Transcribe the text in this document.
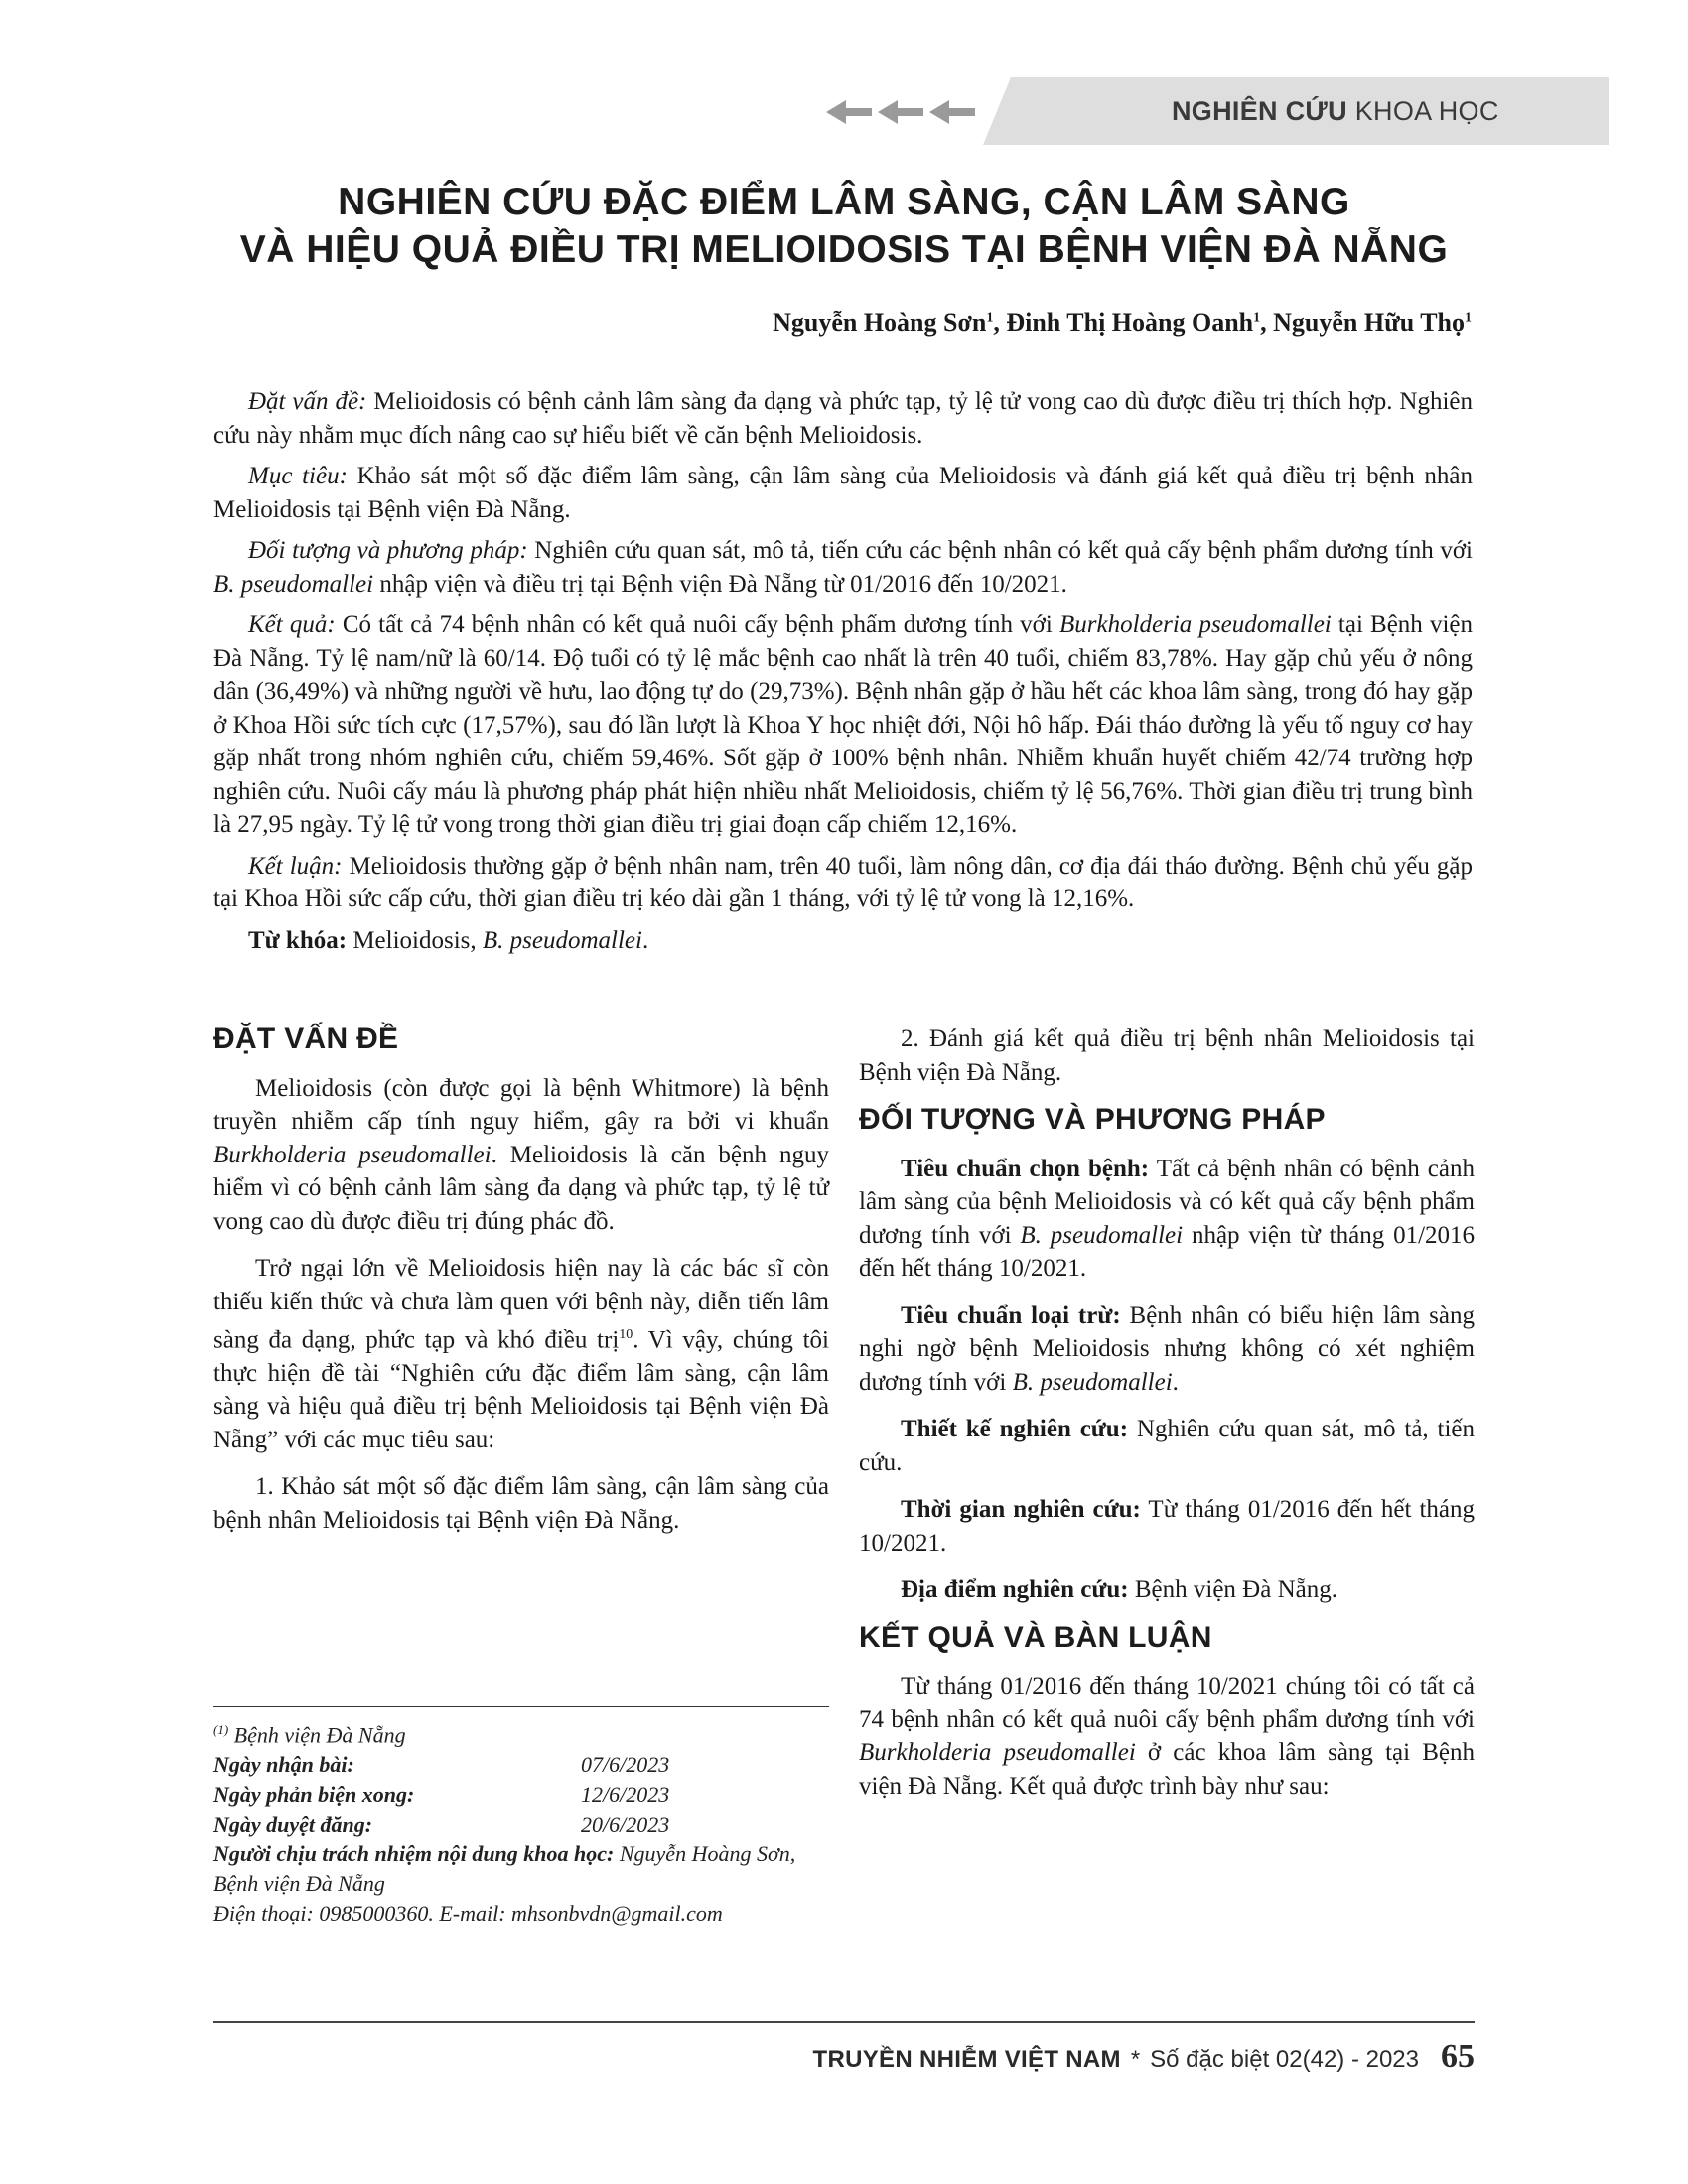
NGHIÊN CỨU KHOA HỌC
NGHIÊN CỨU ĐẶC ĐIỂM LÂM SÀNG, CẬN LÂM SÀNG
VÀ HIỆU QUẢ ĐIỀU TRỊ MELIOIDOSIS TẠI BỆNH VIỆN ĐÀ NẴNG
Nguyễn Hoàng Sơn$^1$, Đinh Thị Hoàng Oanh$^1$, Nguyễn Hữu Thọ$^1$

Đặt vấn đề: Melioidosis có bệnh cảnh lâm sàng đa dạng và phức tạp, tỷ lệ tử vong cao dù được điều trị thích hợp. Nghiên cứu này nhằm mục đích nâng cao sự hiểu biết về căn bệnh Melioidosis.

Mục tiêu: Khảo sát một số đặc điểm lâm sàng, cận lâm sàng của Melioidosis và đánh giá kết quả điều trị bệnh nhân Melioidosis tại Bệnh viện Đà Nẵng.

Đối tượng và phương pháp: Nghiên cứu quan sát, mô tả, tiến cứu các bệnh nhân có kết quả cấy bệnh phẩm dương tính với B. pseudomallei nhập viện và điều trị tại Bệnh viện Đà Nẵng từ 01/2016 đến 10/2021.

Kết quả: Có tất cả 74 bệnh nhân có kết quả nuôi cấy bệnh phẩm dương tính với Burkholderia pseudomallei tại Bệnh viện Đà Nẵng. Tỷ lệ nam/nữ là 60/14. Độ tuổi có tỷ lệ mắc bệnh cao nhất là trên 40 tuổi, chiếm 83,78%. Hay gặp chủ yếu ở nông dân (36,49%) và những người về hưu, lao động tự do (29,73%). Bệnh nhân gặp ở hầu hết các khoa lâm sàng, trong đó hay gặp ở Khoa Hồi sức tích cực (17,57%), sau đó lần lượt là Khoa Y học nhiệt đới, Nội hô hấp. Đái tháo đường là yếu tố nguy cơ hay gặp nhất trong nhóm nghiên cứu, chiếm 59,46%. Sốt gặp ở 100% bệnh nhân. Nhiễm khuẩn huyết chiếm 42/74 trường hợp nghiên cứu. Nuôi cấy máu là phương pháp phát hiện nhiều nhất Melioidosis, chiếm tỷ lệ 56,76%. Thời gian điều trị trung bình là 27,95 ngày. Tỷ lệ tử vong trong thời gian điều trị giai đoạn cấp chiếm 12,16%.

Kết luận: Melioidosis thường gặp ở bệnh nhân nam, trên 40 tuổi, làm nông dân, cơ địa đái tháo đường. Bệnh chủ yếu gặp tại Khoa Hồi sức cấp cứu, thời gian điều trị kéo dài gần 1 tháng, với tỷ lệ tử vong là 12,16%.

Từ khóa: Melioidosis, B. pseudomallei.

ĐẶT VẤN ĐỀ

Melioidosis (còn được gọi là bệnh Whitmore) là bệnh truyền nhiễm cấp tính nguy hiểm, gây ra bởi vi khuẩn Burkholderia pseudomallei. Melioidosis là căn bệnh nguy hiểm vì có bệnh cảnh lâm sàng đa dạng và phức tạp, tỷ lệ tử vong cao dù được điều trị đúng phác đồ.

Trở ngại lớn về Melioidosis hiện nay là các bác sĩ còn thiếu kiến thức và chưa làm quen với bệnh này, diễn tiến lâm sàng đa dạng, phức tạp và khó điều trị$^{10}$. Vì vậy, chúng tôi thực hiện đề tài “Nghiên cứu đặc điểm lâm sàng, cận lâm sàng và hiệu quả điều trị bệnh Melioidosis tại Bệnh viện Đà Nẵng” với các mục tiêu sau:

1. Khảo sát một số đặc điểm lâm sàng, cận lâm sàng của bệnh nhân Melioidosis tại Bệnh viện Đà Nẵng.

2. Đánh giá kết quả điều trị bệnh nhân Melioidosis tại Bệnh viện Đà Nẵng.

ĐỐI TƯỢNG VÀ PHƯƠNG PHÁP

Tiêu chuẩn chọn bệnh: Tất cả bệnh nhân có bệnh cảnh lâm sàng của bệnh Melioidosis và có kết quả cấy bệnh phẩm dương tính với B. pseudomallei nhập viện từ tháng 01/2016 đến hết tháng 10/2021.

Tiêu chuẩn loại trừ: Bệnh nhân có biểu hiện lâm sàng nghi ngờ bệnh Melioidosis nhưng không có xét nghiệm dương tính với B. pseudomallei.

Thiết kế nghiên cứu: Nghiên cứu quan sát, mô tả, tiến cứu.

Thời gian nghiên cứu: Từ tháng 01/2016 đến hết tháng 10/2021.

Địa điểm nghiên cứu: Bệnh viện Đà Nẵng.

KẾT QUẢ VÀ BÀN LUẬN

Từ tháng 01/2016 đến tháng 10/2021 chúng tôi có tất cả 74 bệnh nhân có kết quả nuôi cấy bệnh phẩm dương tính với Burkholderia pseudomallei ở các khoa lâm sàng tại Bệnh viện Đà Nẵng. Kết quả được trình bày như sau:

$^{(1)}$ Bệnh viện Đà Nẵng
Ngày nhận bài:	07/6/2023
Ngày phản biện xong:	12/6/2023
Ngày duyệt đăng:	20/6/2023
Người chịu trách nhiệm nội dung khoa học: Nguyễn Hoàng Sơn, Bệnh viện Đà Nẵng
Điện thoại: 0985000360. E-mail: mhsonbvdn@gmail.com
TRUYỀN NHIỄM VIỆT NAM * Số đặc biệt 02(42) - 2023 65
